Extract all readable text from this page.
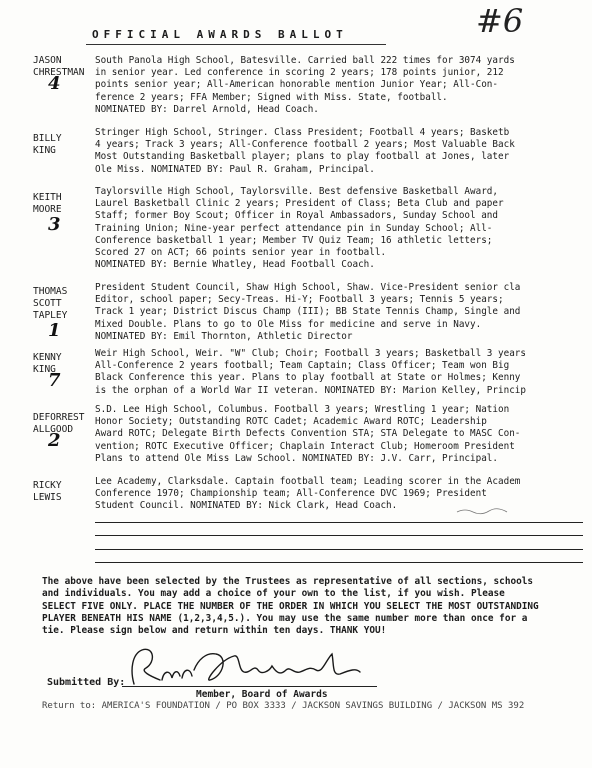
OFFICIAL AWARDS BALLOT	#6
JASON
CHRESTMAN
4
South Panola High School, Batesville. Carried ball 222 times for 3074 yards
in senior year. Led conference in scoring 2 years; 178 points junior, 212
points senior year; All-American honorable mention Junior Year; All-Con-
ference 2 years; FFA Member; Signed with Miss. State, football.
NOMINATED BY: Darrel Arnold, Head Coach.
BILLY
KING
Stringer High School, Stringer. Class President; Football 4 years; Basketb
4 years; Track 3 years; All-Conference football 2 years; Most Valuable Back
Most Outstanding Basketball player; plans to play football at Jones, later
Ole Miss. NOMINATED BY: Paul R. Graham, Principal.
KEITH
MOORE
3
Taylorsville High School, Taylorsville. Best defensive Basketball Award,
Laurel Basketball Clinic 2 years; President of Class; Beta Club and paper
Staff; former Boy Scout; Officer in Royal Ambassadors, Sunday School and
Training Union; Nine-year perfect attendance pin in Sunday School; All-
Conference basketball 1 year; Member TV Quiz Team; 16 athletic letters;
Scored 27 on ACT; 66 points senior year in football.
NOMINATED BY: Bernie Whatley, Head Football Coach.
THOMAS
SCOTT
TAPLEY
1
President Student Council, Shaw High School, Shaw. Vice-President senior cla
Editor, school paper; Secy-Treas. Hi-Y; Football 3 years; Tennis 5 years;
Track 1 year; District Discus Champ (III); BB State Tennis Champ, Single and
Mixed Double. Plans to go to Ole Miss for medicine and serve in Navy.
NOMINATED BY: Emil Thornton, Athletic Director
KENNY
KING
7
Weir High School, Weir. "W" Club; Choir; Football 3 years; Basketball 3 years
All-Conference 2 years football; Team Captain; Class Officer; Team won Big
Black Conference this year. Plans to play football at State or Holmes; Kenny
is the orphan of a World War II veteran. NOMINATED BY: Marion Kelley, Princip
DEFORREST
ALLGOOD
2
S.D. Lee High School, Columbus. Football 3 years; Wrestling 1 year; Nation
Honor Society; Outstanding ROTC Cadet; Academic Award ROTC; Leadership
Award ROTC; Delegate Birth Defects Convention STA; STA Delegate to MASC Con-
vention; ROTC Executive Officer; Chaplain Interact Club; Homeroom President
Plans to attend Ole Miss Law School. NOMINATED BY: J.V. Carr, Principal.
RICKY
LEWIS
Lee Academy, Clarksdale. Captain football team; Leading scorer in the Academ
Conference 1970; Championship team; All-Conference DVC 1969; President
Student Council. NOMINATED BY: Nick Clark, Head Coach.
The above have been selected by the Trustees as representative of all sections, schools
and individuals. You may add a choice of your own to the list, if you wish. Please
SELECT FIVE ONLY. PLACE THE NUMBER OF THE ORDER IN WHICH YOU SELECT THE MOST OUTSTANDING
PLAYER BENEATH HIS NAME (1,2,3,4,5.). You may use the same number more than once for a
tie. Please sign below and return within ten days. THANK YOU!
Submitted By:
Member, Board of Awards
Return to: AMERICA'S FOUNDATION / PO BOX 3333 / JACKSON SAVINGS BUILDING / JACKSON MS 392
